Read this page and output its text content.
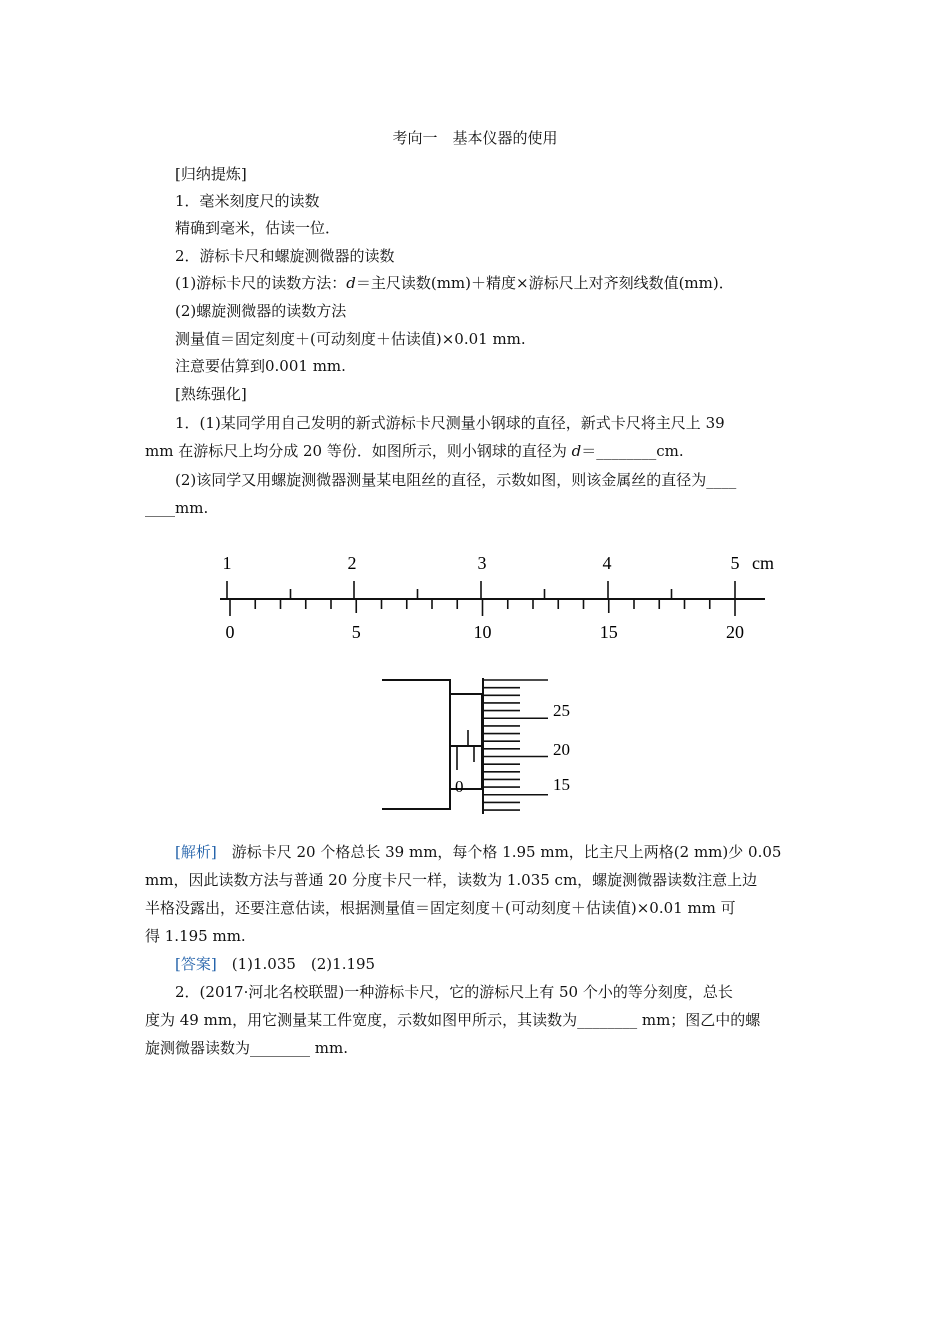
考向一　基本仪器的使用
[归纳提炼]
1．毫米刻度尺的读数
精确到毫米，估读一位．
2．游标卡尺和螺旋测微器的读数
(1)游标卡尺的读数方法：d＝主尺读数(mm)＋精度×游标尺上对齐刻线数值(mm)．
(2)螺旋测微器的读数方法
测量值＝固定刻度＋(可动刻度＋估读值)×0.01 mm.
注意要估算到0.001 mm.
[熟练强化]
1．(1)某同学用自己发明的新式游标卡尺测量小钢球的直径，新式卡尺将主尺上 39
mm 在游标尺上均分成 20 等份．如图所示，则小钢球的直径为 d＝________cm.
(2)该同学又用螺旋测微器测量某电阻丝的直径，示数如图，则该金属丝的直径为____
____mm.
1	2	3	4	5 cm
0	5	10	15	20
0
25
20
15
[解析]　游标卡尺 20 个格总长 39 mm，每个格 1.95 mm，比主尺上两格(2 mm)少 0.05
mm，因此读数方法与普通 20 分度卡尺一样，读数为 1.035 cm，螺旋测微器读数注意上边
半格没露出，还要注意估读，根据测量值＝固定刻度＋(可动刻度＋估读值)×0.01 mm 可
得 1.195 mm.
[答案]　(1)1.035　(2)1.195
2．(2017·河北名校联盟)一种游标卡尺，它的游标尺上有 50 个小的等分刻度，总长
度为 49 mm，用它测量某工件宽度，示数如图甲所示，其读数为________ mm；图乙中的螺
旋测微器读数为________ mm.
